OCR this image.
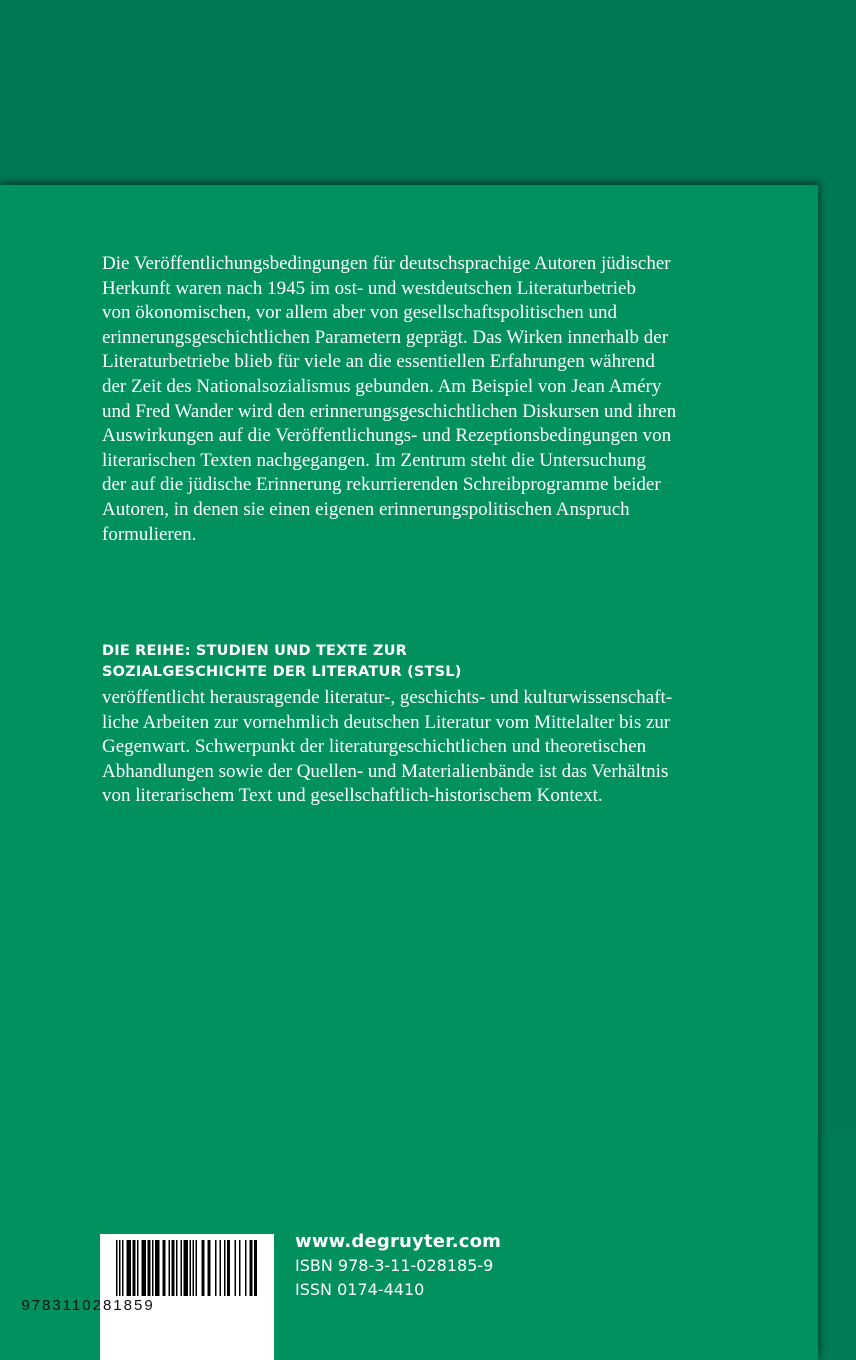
Die Veröffentlichungsbedingungen für deutschsprachige Autoren jüdischer
Herkunft waren nach 1945 im ost- und westdeutschen Literaturbetrieb
von ökonomischen, vor allem aber von gesellschaftspolitischen und
erinnerungsgeschichtlichen Parametern geprägt. Das Wirken innerhalb der
Literaturbetriebe blieb für viele an die essentiellen Erfahrungen während
der Zeit des Nationalsozialismus gebunden. Am Beispiel von Jean Améry
und Fred Wander wird den erinnerungsgeschichtlichen Diskursen und ihren
Auswirkungen auf die Veröffentlichungs- und Rezeptionsbedingungen von
literarischen Texten nachgegangen. Im Zentrum steht die Untersuchung
der auf die jüdische Erinnerung rekurrierenden Schreibprogramme beider
Autoren, in denen sie einen eigenen erinnerungspolitischen Anspruch
formulieren.

DIE REIHE: STUDIEN UND TEXTE ZUR
SOZIALGESCHICHTE DER LITERATUR (STSL)

veröffentlicht herausragende literatur-, geschichts- und kulturwissenschaft-
liche Arbeiten zur vornehmlich deutschen Literatur vom Mittelalter bis zur
Gegenwart. Schwerpunkt der literaturgeschichtlichen und theoretischen
Abhandlungen sowie der Quellen- und Materialienbände ist das Verhältnis
von literarischem Text und gesellschaftlich-historischem Kontext.

9783110281859
www.degruyter.com
ISBN 978-3-11-028185-9
ISSN 0174-4410
